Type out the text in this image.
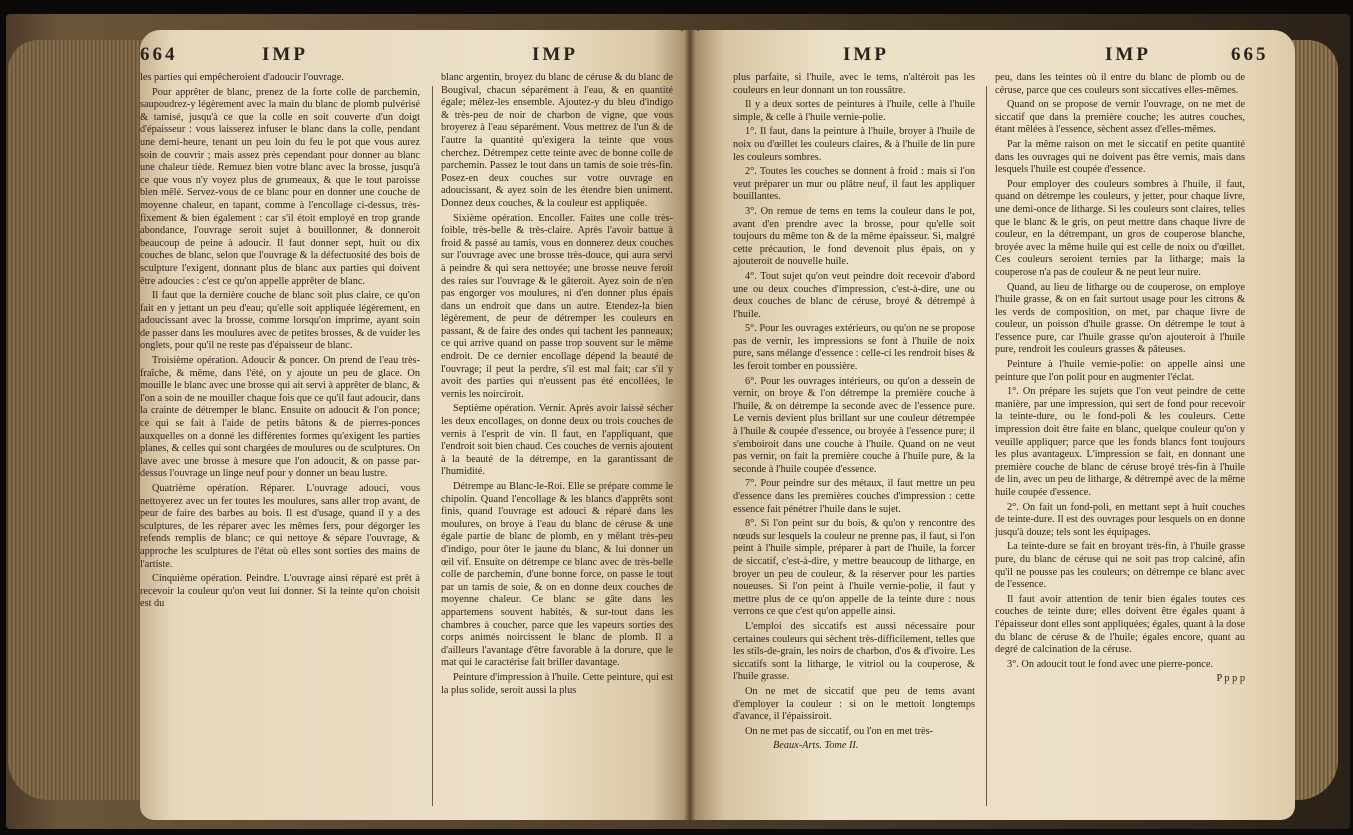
664	IMP	IMP

les parties qui empêcheroient d'adoucir l'ouvrage.

Pour apprêter de blanc, prenez de la forte colle de parchemin, saupoudrez-y légèrement avec la main du blanc de plomb pulvérisé & tamisé, jusqu'à ce que la colle en soit couverte d'un doigt d'épaisseur : vous laisserez infuser le blanc dans la colle, pendant une demi-heure, tenant un peu loin du feu le pot que vous aurez soin de couvrir ; mais assez près cependant pour donner au blanc une chaleur tiède. Remuez bien votre blanc avec la brosse, jusqu'à ce que vous n'y voyez plus de grumeaux, & que le tout paroisse bien mêlé. Servez-vous de ce blanc pour en donner une couche de moyenne chaleur, en tapant, comme à l'encollage ci-dessus, très-fixement & bien également : car s'il étoit employé en trop grande abondance, l'ouvrage seroit sujet à bouillonner, & donneroit beaucoup de peine à adoucir. Il faut donner sept, huit ou dix couches de blanc, selon que l'ouvrage & la défectuosité des bois de sculpture l'exigent, donnant plus de blanc aux parties qui doivent être adoucies : c'est ce qu'on appelle apprêter de blanc.

Il faut que la dernière couche de blanc soit plus claire, ce qu'on fait en y jettant un peu d'eau; qu'elle soit appliquée légèrement, en adoucissant avec la brosse, comme lorsqu'on imprime, ayant soin de passer dans les moulures avec de petites brosses, & de vuider les onglets, pour qu'il ne reste pas d'épaisseur de blanc.

Troisième opération. Adoucir & poncer. On prend de l'eau très-fraîche, & même, dans l'été, on y ajoute un peu de glace. On mouille le blanc avec une brosse qui ait servi à apprêter de blanc, & l'on a soin de ne mouiller chaque fois que ce qu'il faut adoucir, dans la crainte de détremper le blanc. Ensuite on adoucit & l'on ponce; ce qui se fait à l'aide de petits bâtons & de pierres-ponces auxquelles on a donné les différentes formes qu'exigent les parties planes, & celles qui sont chargées de moulures ou de sculptures. On lave avec une brosse à mesure que l'on adoucit, & on passe par-dessus l'ouvrage un linge neuf pour y donner un beau lustre.

Quatrième opération. Réparer. L'ouvrage adouci, vous nettoyerez avec un fer toutes les moulures, sans aller trop avant, de peur de faire des barbes au bois. Il est d'usage, quand il y a des sculptures, de les réparer avec les mêmes fers, pour dégorger les refends remplis de blanc; ce qui nettoye & sépare l'ouvrage, & approche les sculptures de l'état où elles sont sorties des mains de l'artiste.

Cinquième opération. Peindre. L'ouvrage ainsi réparé est prêt à recevoir la couleur qu'on veut lui donner. Si la teinte qu'on choisit est du

blanc argentin, broyez du blanc de céruse & du blanc de Bougival, chacun séparément à l'eau, & en quantité égale; mêlez-les ensemble. Ajoutez-y du bleu d'indigo & très-peu de noir de charbon de vigne, que vous broyerez à l'eau séparément. Vous mettrez de l'un & de l'autre la quantité qu'exigera la teinte que vous cherchez. Détrempez cette teinte avec de bonne colle de parchemin. Passez le tout dans un tamis de soie très-fin. Posez-en deux couches sur votre ouvrage en adoucissant, & ayez soin de les étendre bien uniment. Donnez deux couches, & la couleur est appliquée.

Sixième opération. Encoller. Faites une colle très-foible, très-belle & très-claire. Après l'avoir battue à froid & passé au tamis, vous en donnerez deux couches sur l'ouvrage avec une brosse très-douce, qui aura servi à peindre & qui sera nettoyée; une brosse neuve feroit des raies sur l'ouvrage & le gâteroit. Ayez soin de n'en pas engorger vos moulures, ni d'en donner plus épais dans un endroit que dans un autre. Etendez-la bien légèrement, de peur de détremper les couleurs en passant, & de faire des ondes qui tachent les panneaux; ce qui arrive quand on passe trop souvent sur le même endroit. De ce dernier encollage dépend la beauté de l'ouvrage; il peut la perdre, s'il est mal fait; car s'il y avoit des parties qui n'eussent pas été encollées, le vernis les noirciroit.

Septième opération. Vernir. Après avoir laissé sécher les deux encollages, on donne deux ou trois couches de vernis à l'esprit de vin. Il faut, en l'appliquant, que l'endroit soit bien chaud. Ces couches de vernis ajoutent à la beauté de la détrempe, en la garantissant de l'humidité.

Détrempe au Blanc-le-Roi. Elle se prépare comme le chipolin. Quand l'encollage & les blancs d'apprêts sont finis, quand l'ouvrage est adouci & réparé dans les moulures, on broye à l'eau du blanc de céruse & une égale partie de blanc de plomb, en y mêlant très-peu d'indigo, pour ôter le jaune du blanc, & lui donner un œil vif. Ensuite on détrempe ce blanc avec de très-belle colle de parchemin, d'une bonne force, on passe le tout par un tamis de soie, & on en donne deux couches de moyenne chaleur. Ce blanc se gâte dans les appartemens souvent habités, & sur-tout dans les chambres à coucher, parce que les vapeurs sorties des corps animés noircissent le blanc de plomb. Il a d'ailleurs l'avantage d'être favorable à la dorure, que le mat qui le caractérise fait briller davantage.

Peinture d'impression à l'huile. Cette peinture, qui est la plus solide, seroit aussi la plus

IMP	IMP	665

plus parfaite, si l'huile, avec le tems, n'altéroit pas les couleurs en leur donnant un ton roussâtre.

Il y a deux sortes de peintures à l'huile, celle à l'huile simple, & celle à l'huile vernie-polie.

1°. Il faut, dans la peinture à l'huile, broyer à l'huile de noix ou d'œillet les couleurs claires, & à l'huile de lin pure les couleurs sombres.

2°. Toutes les couches se donnent à froid : mais si l'on veut préparer un mur ou plâtre neuf, il faut les appliquer bouillantes.

3°. On remue de tems en tems la couleur dans le pot, avant d'en prendre avec la brosse, pour qu'elle soit toujours du même ton & de la même épaisseur. Si, malgré cette précaution, le fond devenoit plus épais, on y ajouteroit de nouvelle huile.

4°. Tout sujet qu'on veut peindre doit recevoir d'abord une ou deux couches d'impression, c'est-à-dire, une ou deux couches de blanc de céruse, broyé & détrempé à l'huile.

5°. Pour les ouvrages extérieurs, ou qu'on ne se propose pas de vernir, les impressions se font à l'huile de noix pure, sans mélange d'essence : celle-ci les rendroit bises & les feroit tomber en poussière.

6°. Pour les ouvrages intérieurs, ou qu'on a dessein de vernir, on broye & l'on détrempe la première couche à l'huile, & on détrempe la seconde avec de l'essence pure. Le vernis devient plus brillant sur une couleur détrempée à l'huile & coupée d'essence, ou broyée à l'essence pure; il s'emboiroit dans une couche à l'huile. Quand on ne veut pas vernir, on fait la première couche à l'huile pure, & la seconde à l'huile coupée d'essence.

7°. Pour peindre sur des métaux, il faut mettre un peu d'essence dans les premières couches d'impression : cette essence fait pénétrer l'huile dans le sujet.

8°. Si l'on peint sur du bois, & qu'on y rencontre des nœuds sur lesquels la couleur ne prenne pas, il faut, si l'on peint à l'huile simple, préparer à part de l'huile, la forcer de siccatif, c'est-à-dire, y mettre beaucoup de litharge, en broyer un peu de couleur, & la réserver pour les parties noueuses. Si l'on peint à l'huile vernie-polie, il faut y mettre plus de ce qu'on appelle de la teinte dure : nous verrons ce que c'est qu'on appelle ainsi.

L'emploi des siccatifs est aussi nécessaire pour certaines couleurs qui sèchent très-difficilement, telles que les stils-de-grain, les noirs de charbon, d'os & d'ivoire. Les siccatifs sont la litharge, le vitriol ou la couperose, & l'huile grasse.

On ne met de siccatif que peu de tems avant d'employer la couleur : si on le mettoit longtemps d'avance, il l'épaissiroit.

On ne met pas de siccatif, ou l'on en met très-

Beaux-Arts. Tome II.

peu, dans les teintes où il entre du blanc de plomb ou de céruse, parce que ces couleurs sont siccatives elles-mêmes.

Quand on se propose de vernir l'ouvrage, on ne met de siccatif que dans la première couche; les autres couches, étant mêlées à l'essence, sèchent assez d'elles-mêmes.

Par la même raison on met le siccatif en petite quantité dans les ouvrages qui ne doivent pas être vernis, mais dans lesquels l'huile est coupée d'essence.

Pour employer des couleurs sombres à l'huile, il faut, quand on détrempe les couleurs, y jetter, pour chaque livre, une demi-once de litharge. Si les couleurs sont claires, telles que le blanc & le gris, on peut mettre dans chaque livre de couleur, en la détrempant, un gros de couperose blanche, broyée avec la même huile qui est celle de noix ou d'œillet. Ces couleurs seroient ternies par la litharge; mais la couperose n'a pas de couleur & ne peut leur nuire.

Quand, au lieu de litharge ou de couperose, on employe l'huile grasse, & on en fait surtout usage pour les citrons & les verds de composition, on met, par chaque livre de couleur, un poisson d'huile grasse. On détrempe le tout à l'essence pure, car l'huile grasse qu'on ajouteroit à l'huile pure, rendroit les couleurs grasses & pâteuses.

Peinture à l'huile vernie-polie: on appelle ainsi une peinture que l'on polit pour en augmenter l'éclat.

1°. On prépare les sujets que l'on veut peindre de cette manière, par une impression, qui sert de fond pour recevoir la teinte-dure, ou le fond-poli & les couleurs. Cette impression doit être faite en blanc, quelque couleur qu'on y veuille appliquer; parce que les fonds blancs font toujours les plus avantageux. L'impression se fait, en donnant une première couche de blanc de céruse broyé très-fin à l'huile de lin, avec un peu de litharge, & détrempé avec de la même huile coupée d'essence.

2°. On fait un fond-poli, en mettant sept à huit couches de teinte-dure. Il est des ouvrages pour lesquels on en donne jusqu'à douze; tels sont les équipages.

La teinte-dure se fait en broyant très-fin, à l'huile grasse pure, du blanc de céruse qui ne soit pas trop calciné, afin qu'il ne pousse pas les couleurs; on détrempe ce blanc avec de l'essence.

Il faut avoir attention de tenir bien égales toutes ces couches de teinte dure; elles doivent être égales quant à l'épaisseur dont elles sont appliquées; égales, quant à la dose du blanc de céruse & de l'huile; égales encore, quant au degré de calcination de la céruse.

3°. On adoucit tout le fond avec une pierre-ponce.

P p p p
